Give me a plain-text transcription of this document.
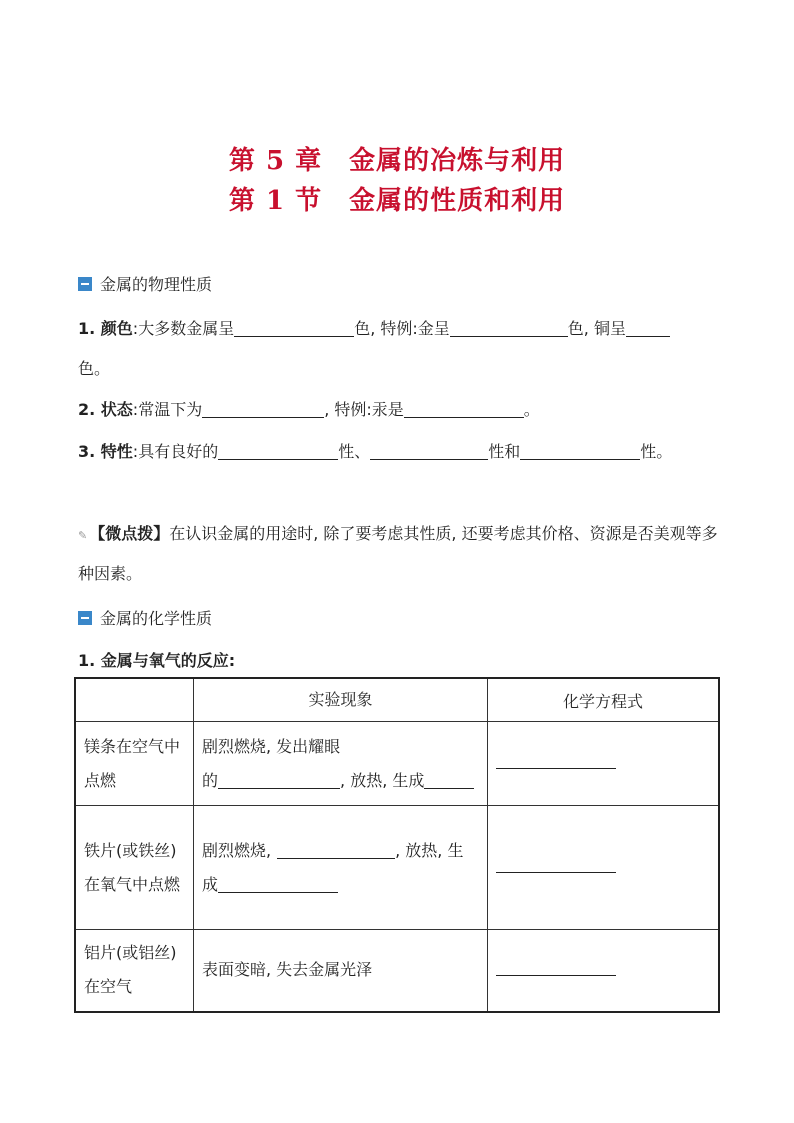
第 5 章　金属的冶炼与利用
第 1 节　金属的性质和利用
金属的物理性质
1. 颜色:大多数金属呈	色, 特例:金呈	色, 铜呈
色。
2. 状态:常温下为	, 特例:汞是	。
3. 特性:具有良好的	性、	性和	性。
✎ 【微点拨】在认识金属的用途时, 除了要考虑其性质, 还要考虑其价格、资源是否美观等多种因素。
金属的化学性质
1. 金属与氧气的反应:
	实验现象	化学方程式
镁条在空气中点燃	剧烈燃烧, 发出耀眼
的 , 放热, 生成	
铁片(或铁丝)在氧气中点燃	剧烈燃烧, , 放热, 生
成	
铝片(或铝丝)在空气	表面变暗, 失去金属光泽	
